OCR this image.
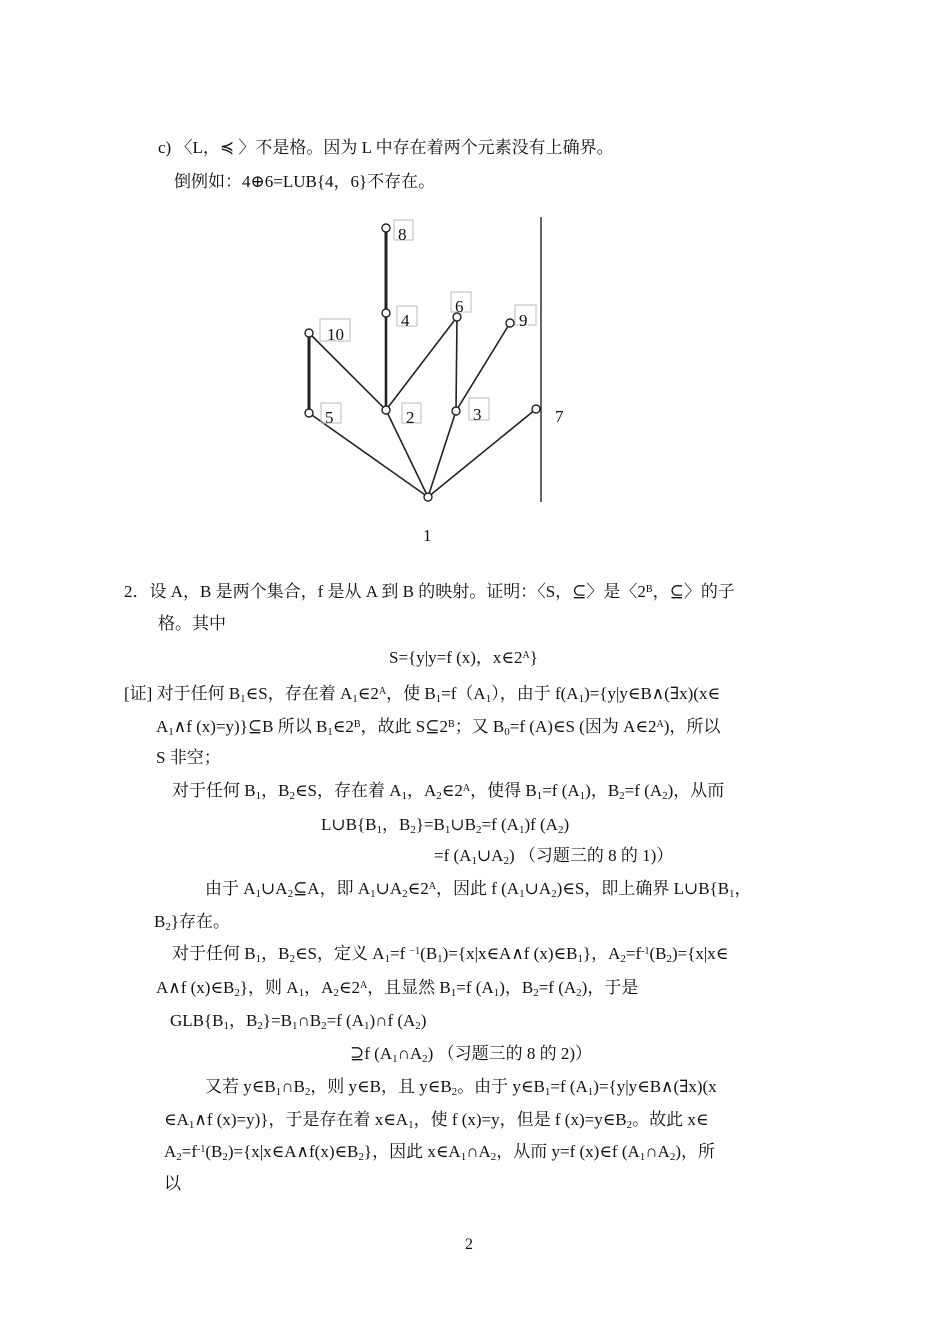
c) 〈L，≼ 〉不是格。因为 L 中存在着两个元素没有上确界。
倒例如：4⊕6=LUB{4，6}不存在。
8
4
6
9
10
5	2	3	7
1
2．设 A，B 是两个集合，f 是从 A 到 B 的映射。证明：〈S，⊆〉是〈$2^B$，⊆〉的子
格。其中
S={y|y=f (x)，$x\in 2^A$}
[证] 对于任何 $B_1\in S$，存在着 $A_1\in 2^A$，使 $B_1=f(A_1)$，由于 $f(A_1)=\{y|y\in B\wedge(\exists x)(x\in$
$A_1\wedge f$ (x)=y)}⊆B 所以 $B_1\in 2^B$，故此 $S⊆2^B$；又 $B_0=f$ (A)∈S (因为 $A\in 2^A$)，所以
S 非空；
对于任何 $B_1$，$B_2\in S$，存在着 $A_1$，$A_2\in 2^A$，使得 $B_1=f$ $(A_1)$，$B_2=f$ $(A_2)$，从而
$L\cup B\{B_1$，$B_2\}=B_1\cup B_2=f$ $(A_1)f$ $(A_2)$
=f $(A_1\cup A_2)$ （习题三的 8 的 1)）
由于 $A_1\cup A_2⊆A$，即 $A_1\cup A_2\in 2^A$，因此 f $(A_1\cup A_2)\in S$，即上确界 $L\cup B\{B_1$，
$B_2$}存在。
对于任何 $B_1$，$B_2\in S$，定义 $A_1=f$ $^{-1}(B_1)=\{x|x\in A\wedge f$ $(x)\in B_1$}，$A_2=f^{-1}(B_2)=\{x|x\in$
A∧f $(x)\in B_2$}，则 $A_1$，$A_2\in 2^A$，且显然 $B_1=f$ $(A_1)$，$B_2=f$ $(A_2)$，于是
$GLB\{B_1$，$B_2\}=B_1\cap B_2=f$ $(A_1)\cap f$ $(A_2)$
⊇f $(A_1\cap A_2)$ （习题三的 8 的 2)）
又若 $y\in B_1\cap B_2$，则 y∈B，且 $y\in B_2$。由于 $y\in B_1=f$ $(A_1)=\{y|y\in B\wedge(\exists x)(x$
$\in A_1\wedge f$ (x)=y)}，于是存在着 $x\in A_1$，使 f (x)=y，但是 f $(x)=y\in B_2$。故此 x∈
$A_2=f^{-1}(B_2)=\{x|x\in A\wedge f(x)\in B_2\}$，因此 $x\in A_1\cap A_2$，从而 y=f (x)∈f $(A_1\cap A_2)$，所
以
2
